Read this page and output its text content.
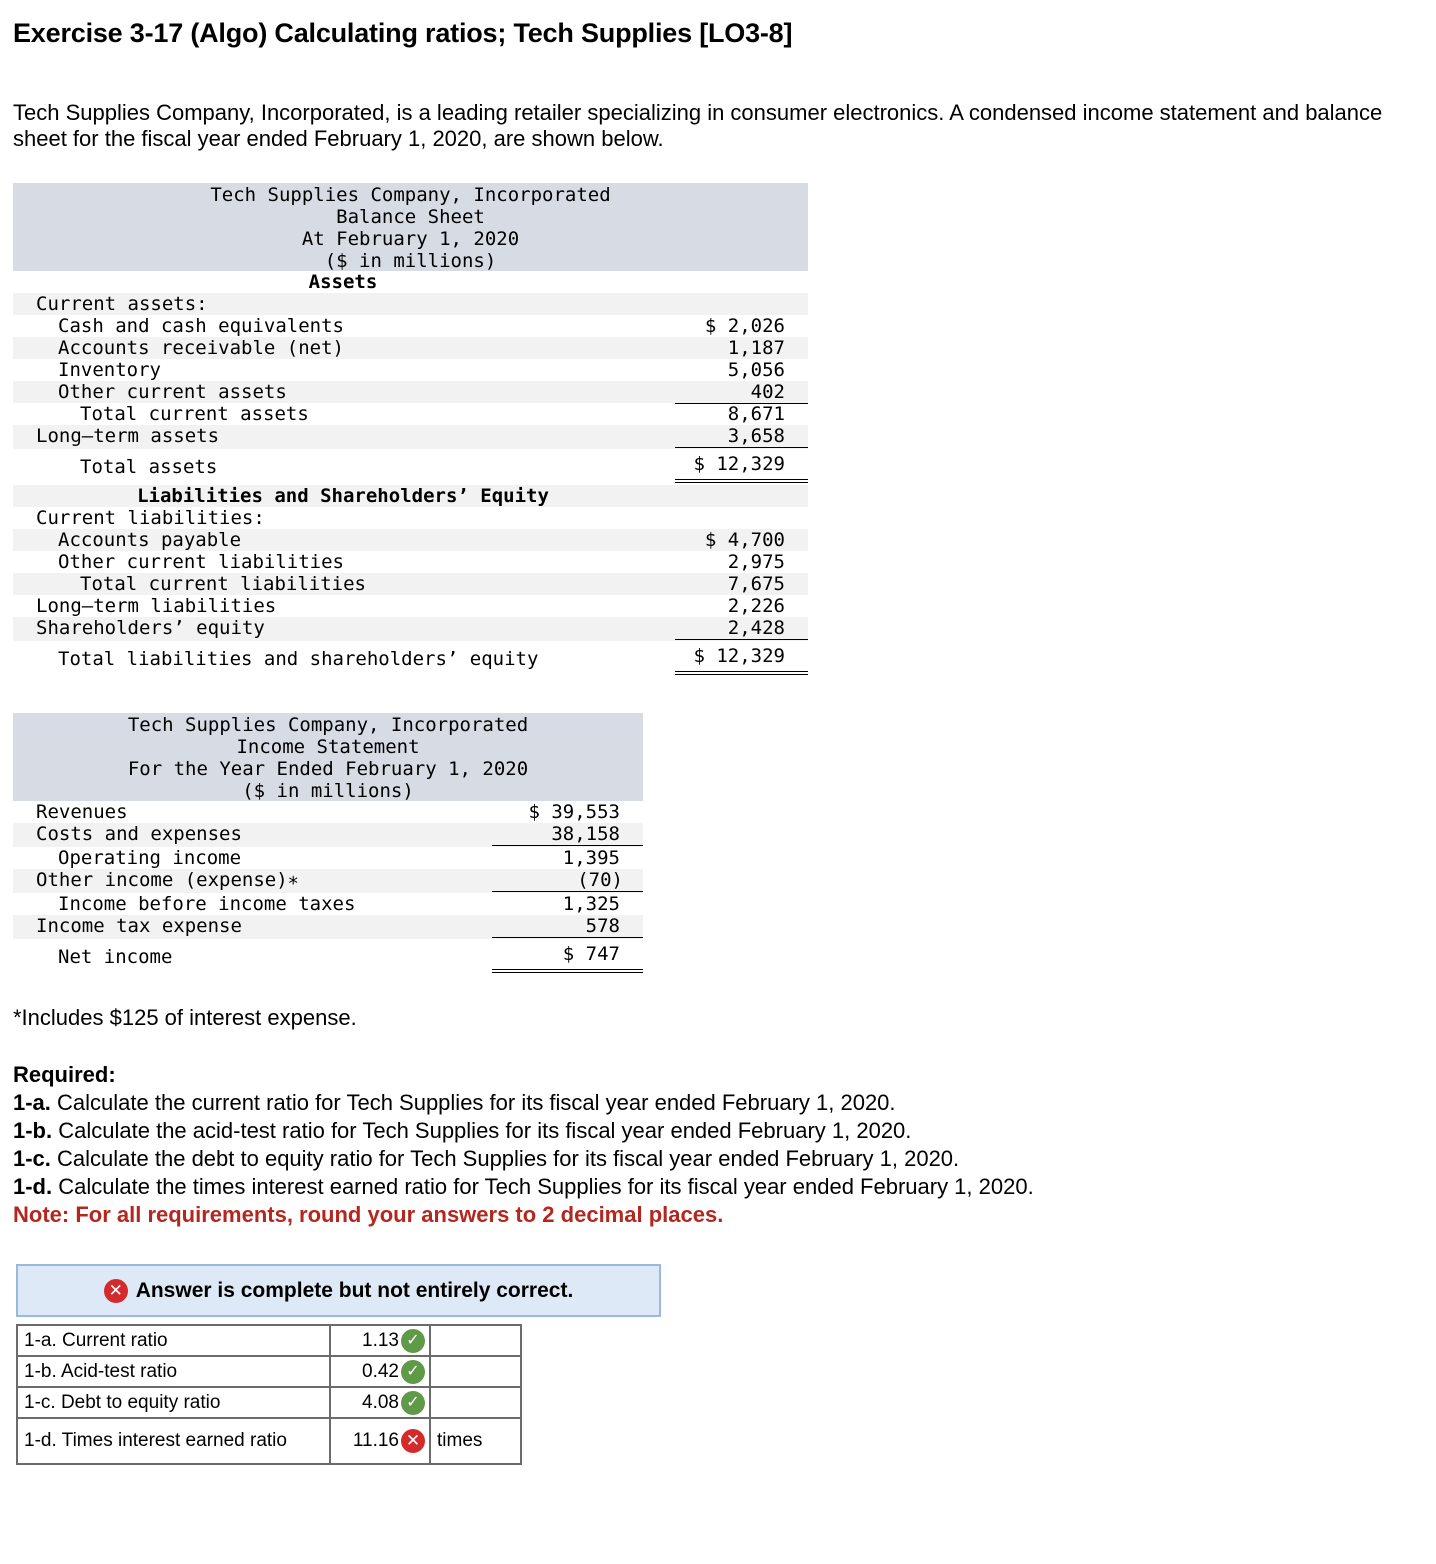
Exercise 3-17 (Algo) Calculating ratios; Tech Supplies [LO3-8]
Tech Supplies Company, Incorporated, is a leading retailer specializing in consumer electronics. A condensed income statement and balance sheet for the fiscal year ended February 1, 2020, are shown below.
Tech Supplies Company, Incorporated
Balance Sheet
At February 1, 2020
($ in millions)
Assets
Current assets:
Cash and cash equivalents	$ 2,026
Accounts receivable (net)	1,187
Inventory	5,056
Other current assets	402
Total current assets	8,671
Long–term assets	3,658
Total assets	$ 12,329
Liabilities and Shareholders’ Equity
Current liabilities:
Accounts payable	$ 4,700
Other current liabilities	2,975
Total current liabilities	7,675
Long–term liabilities	2,226
Shareholders’ equity	2,428
Total liabilities and shareholders’ equity	$ 12,329
Tech Supplies Company, Incorporated
Income Statement
For the Year Ended February 1, 2020
($ in millions)
Revenues	$ 39,553
Costs and expenses	38,158
Operating income	1,395
Other income (expense)∗	(70)
Income before income taxes	1,325
Income tax expense	578
Net income	$ 747
*Includes $125 of interest expense.
Required:
1-a. Calculate the current ratio for Tech Supplies for its fiscal year ended February 1, 2020.
1-b. Calculate the acid-test ratio for Tech Supplies for its fiscal year ended February 1, 2020.
1-c. Calculate the debt to equity ratio for Tech Supplies for its fiscal year ended February 1, 2020.
1-d. Calculate the times interest earned ratio for Tech Supplies for its fiscal year ended February 1, 2020.
Note: For all requirements, round your answers to 2 decimal places.
✕ Answer is complete but not entirely correct.
1-a. Current ratio	1.13 ✓	
1-b. Acid-test ratio	0.42 ✓	
1-c. Debt to equity ratio	4.08 ✓	
1-d. Times interest earned ratio	11.16 ✕	times
